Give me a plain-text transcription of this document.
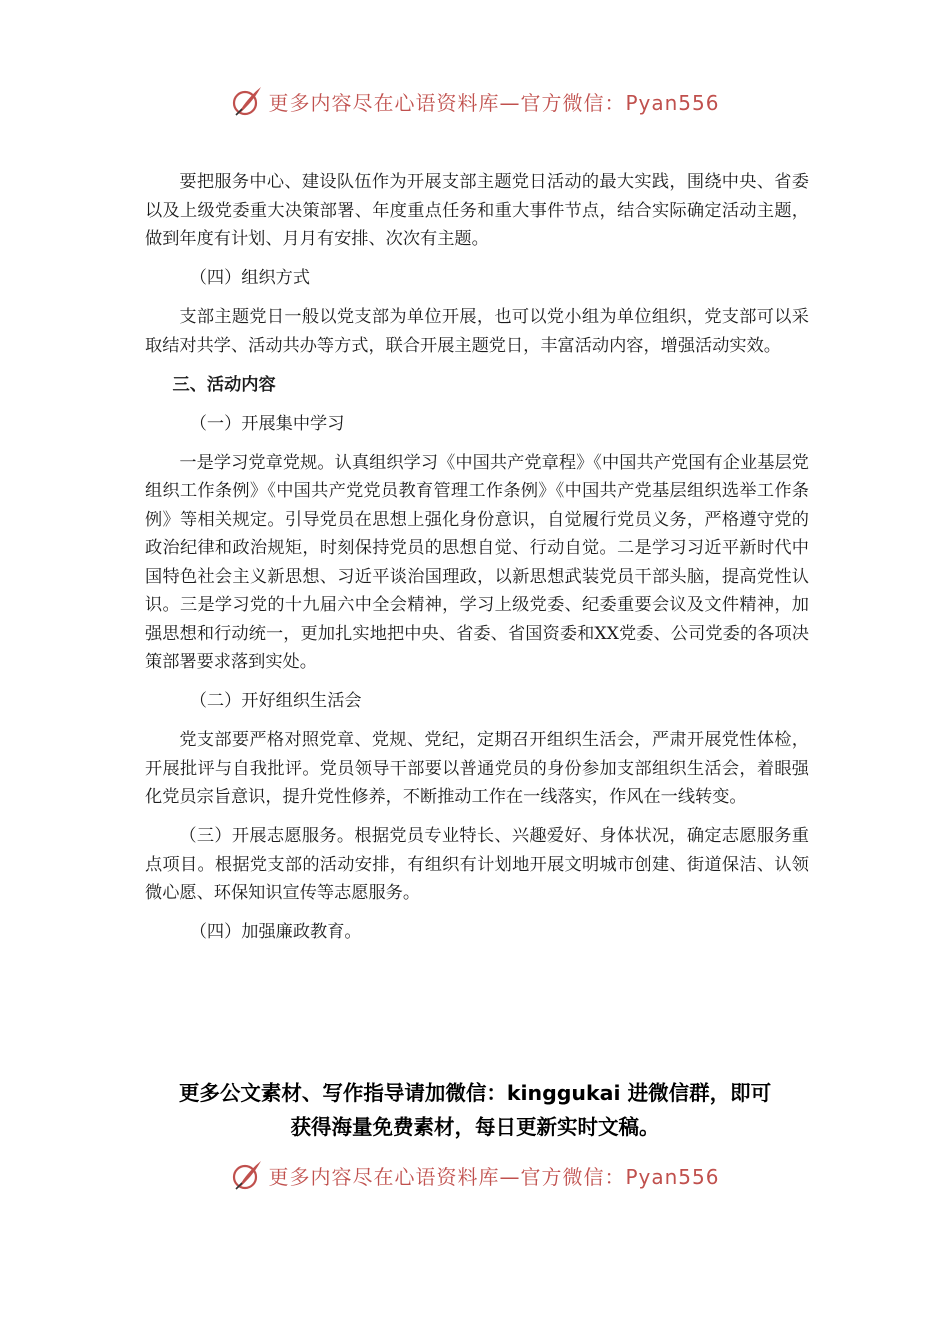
更多内容尽在心语资料库—官方微信：Pyan556

要把服务中心、建设队伍作为开展支部主题党日活动的最大实践，围绕中央、省委以及上级党委重大决策部署、年度重点任务和重大事件节点，结合实际确定活动主题，做到年度有计划、月月有安排、次次有主题。

（四）组织方式

支部主题党日一般以党支部为单位开展，也可以党小组为单位组织，党支部可以采取结对共学、活动共办等方式，联合开展主题党日，丰富活动内容，增强活动实效。

三、活动内容

（一）开展集中学习

一是学习党章党规。认真组织学习《中国共产党章程》《中国共产党国有企业基层党组织工作条例》《中国共产党党员教育管理工作条例》《中国共产党基层组织选举工作条例》等相关规定。引导党员在思想上强化身份意识，自觉履行党员义务，严格遵守党的政治纪律和政治规矩，时刻保持党员的思想自觉、行动自觉。二是学习习近平新时代中国特色社会主义新思想、习近平谈治国理政，以新思想武装党员干部头脑，提高党性认识。三是学习党的十九届六中全会精神，学习上级党委、纪委重要会议及文件精神，加强思想和行动统一，更加扎实地把中央、省委、省国资委和XX党委、公司党委的各项决策部署要求落到实处。

（二）开好组织生活会

党支部要严格对照党章、党规、党纪，定期召开组织生活会，严肃开展党性体检，开展批评与自我批评。党员领导干部要以普通党员的身份参加支部组织生活会，着眼强化党员宗旨意识，提升党性修养，不断推动工作在一线落实，作风在一线转变。

（三）开展志愿服务。根据党员专业特长、兴趣爱好、身体状况，确定志愿服务重点项目。根据党支部的活动安排，有组织有计划地开展文明城市创建、街道保洁、认领微心愿、环保知识宣传等志愿服务。

（四）加强廉政教育。

更多公文素材、写作指导请加微信：kinggukai 进微信群，即可
获得海量免费素材，每日更新实时文稿。
更多内容尽在心语资料库—官方微信：Pyan556
